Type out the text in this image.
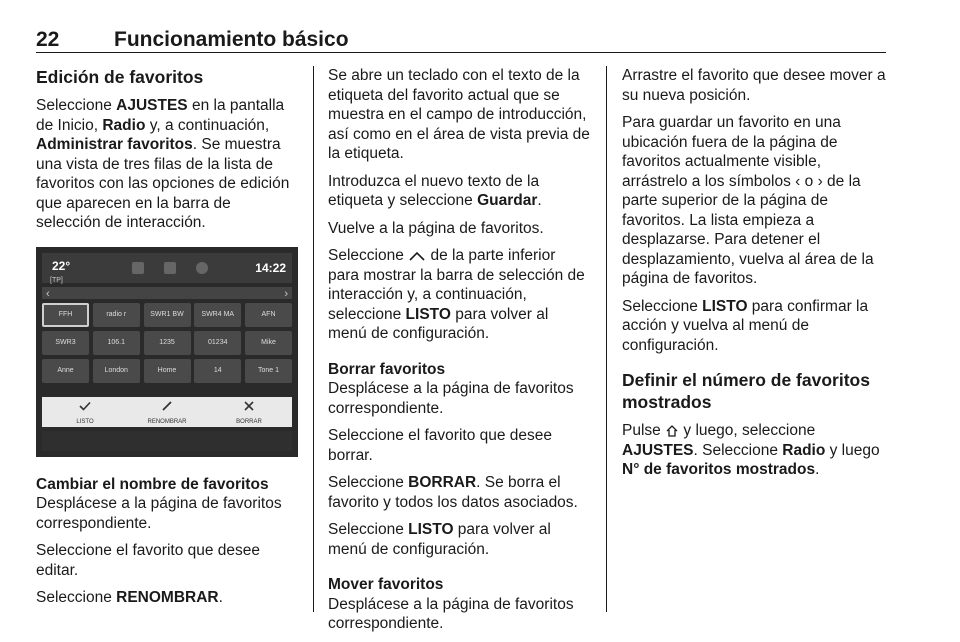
22	Funcionamiento básico
Edición de favoritos

Seleccione AJUSTES en la pantalla de Inicio, Radio y, a continuación, Administrar favoritos. Se muestra una vista de tres filas de la lista de favoritos con las opciones de edición que aparecen en la barra de selección de interacción.

22°
[TP]
14:22
‹	›
FFH	radio r	SWR1 BW	SWR4 MA	AFN
SWR3	106.1	1235	01234	Mike
Anne	London	Home	14	Tone 1
LISTO	RENOMBRAR	BORRAR

Cambiar el nombre de favoritos

Desplácese a la página de favoritos correspondiente.

Seleccione el favorito que desee editar.

Seleccione RENOMBRAR.

Se abre un teclado con el texto de la etiqueta del favorito actual que se muestra en el campo de introducción, así como en el área de vista previa de la etiqueta.

Introduzca el nuevo texto de la etiqueta y seleccione Guardar.

Vuelve a la página de favoritos.

Seleccione  de la parte inferior para mostrar la barra de selección de interacción y, a continuación, seleccione LISTO para volver al menú de configuración.

Borrar favoritos

Desplácese a la página de favoritos correspondiente.

Seleccione el favorito que desee borrar.

Seleccione BORRAR. Se borra el favorito y todos los datos asociados.

Seleccione LISTO para volver al menú de configuración.

Mover favoritos

Desplácese a la página de favoritos correspondiente.

Arrastre el favorito que desee mover a su nueva posición.

Para guardar un favorito en una ubicación fuera de la página de favoritos actualmente visible, arrástrelo a los símbolos ‹ o › de la parte superior de la página de favoritos. La lista empieza a desplazarse. Para detener el desplazamiento, vuelva al área de la página de favoritos.

Seleccione LISTO para confirmar la acción y vuelva al menú de configuración.

Definir el número de favoritos mostrados

Pulse  y luego, seleccione AJUSTES. Seleccione Radio y luego N° de favoritos mostrados.
